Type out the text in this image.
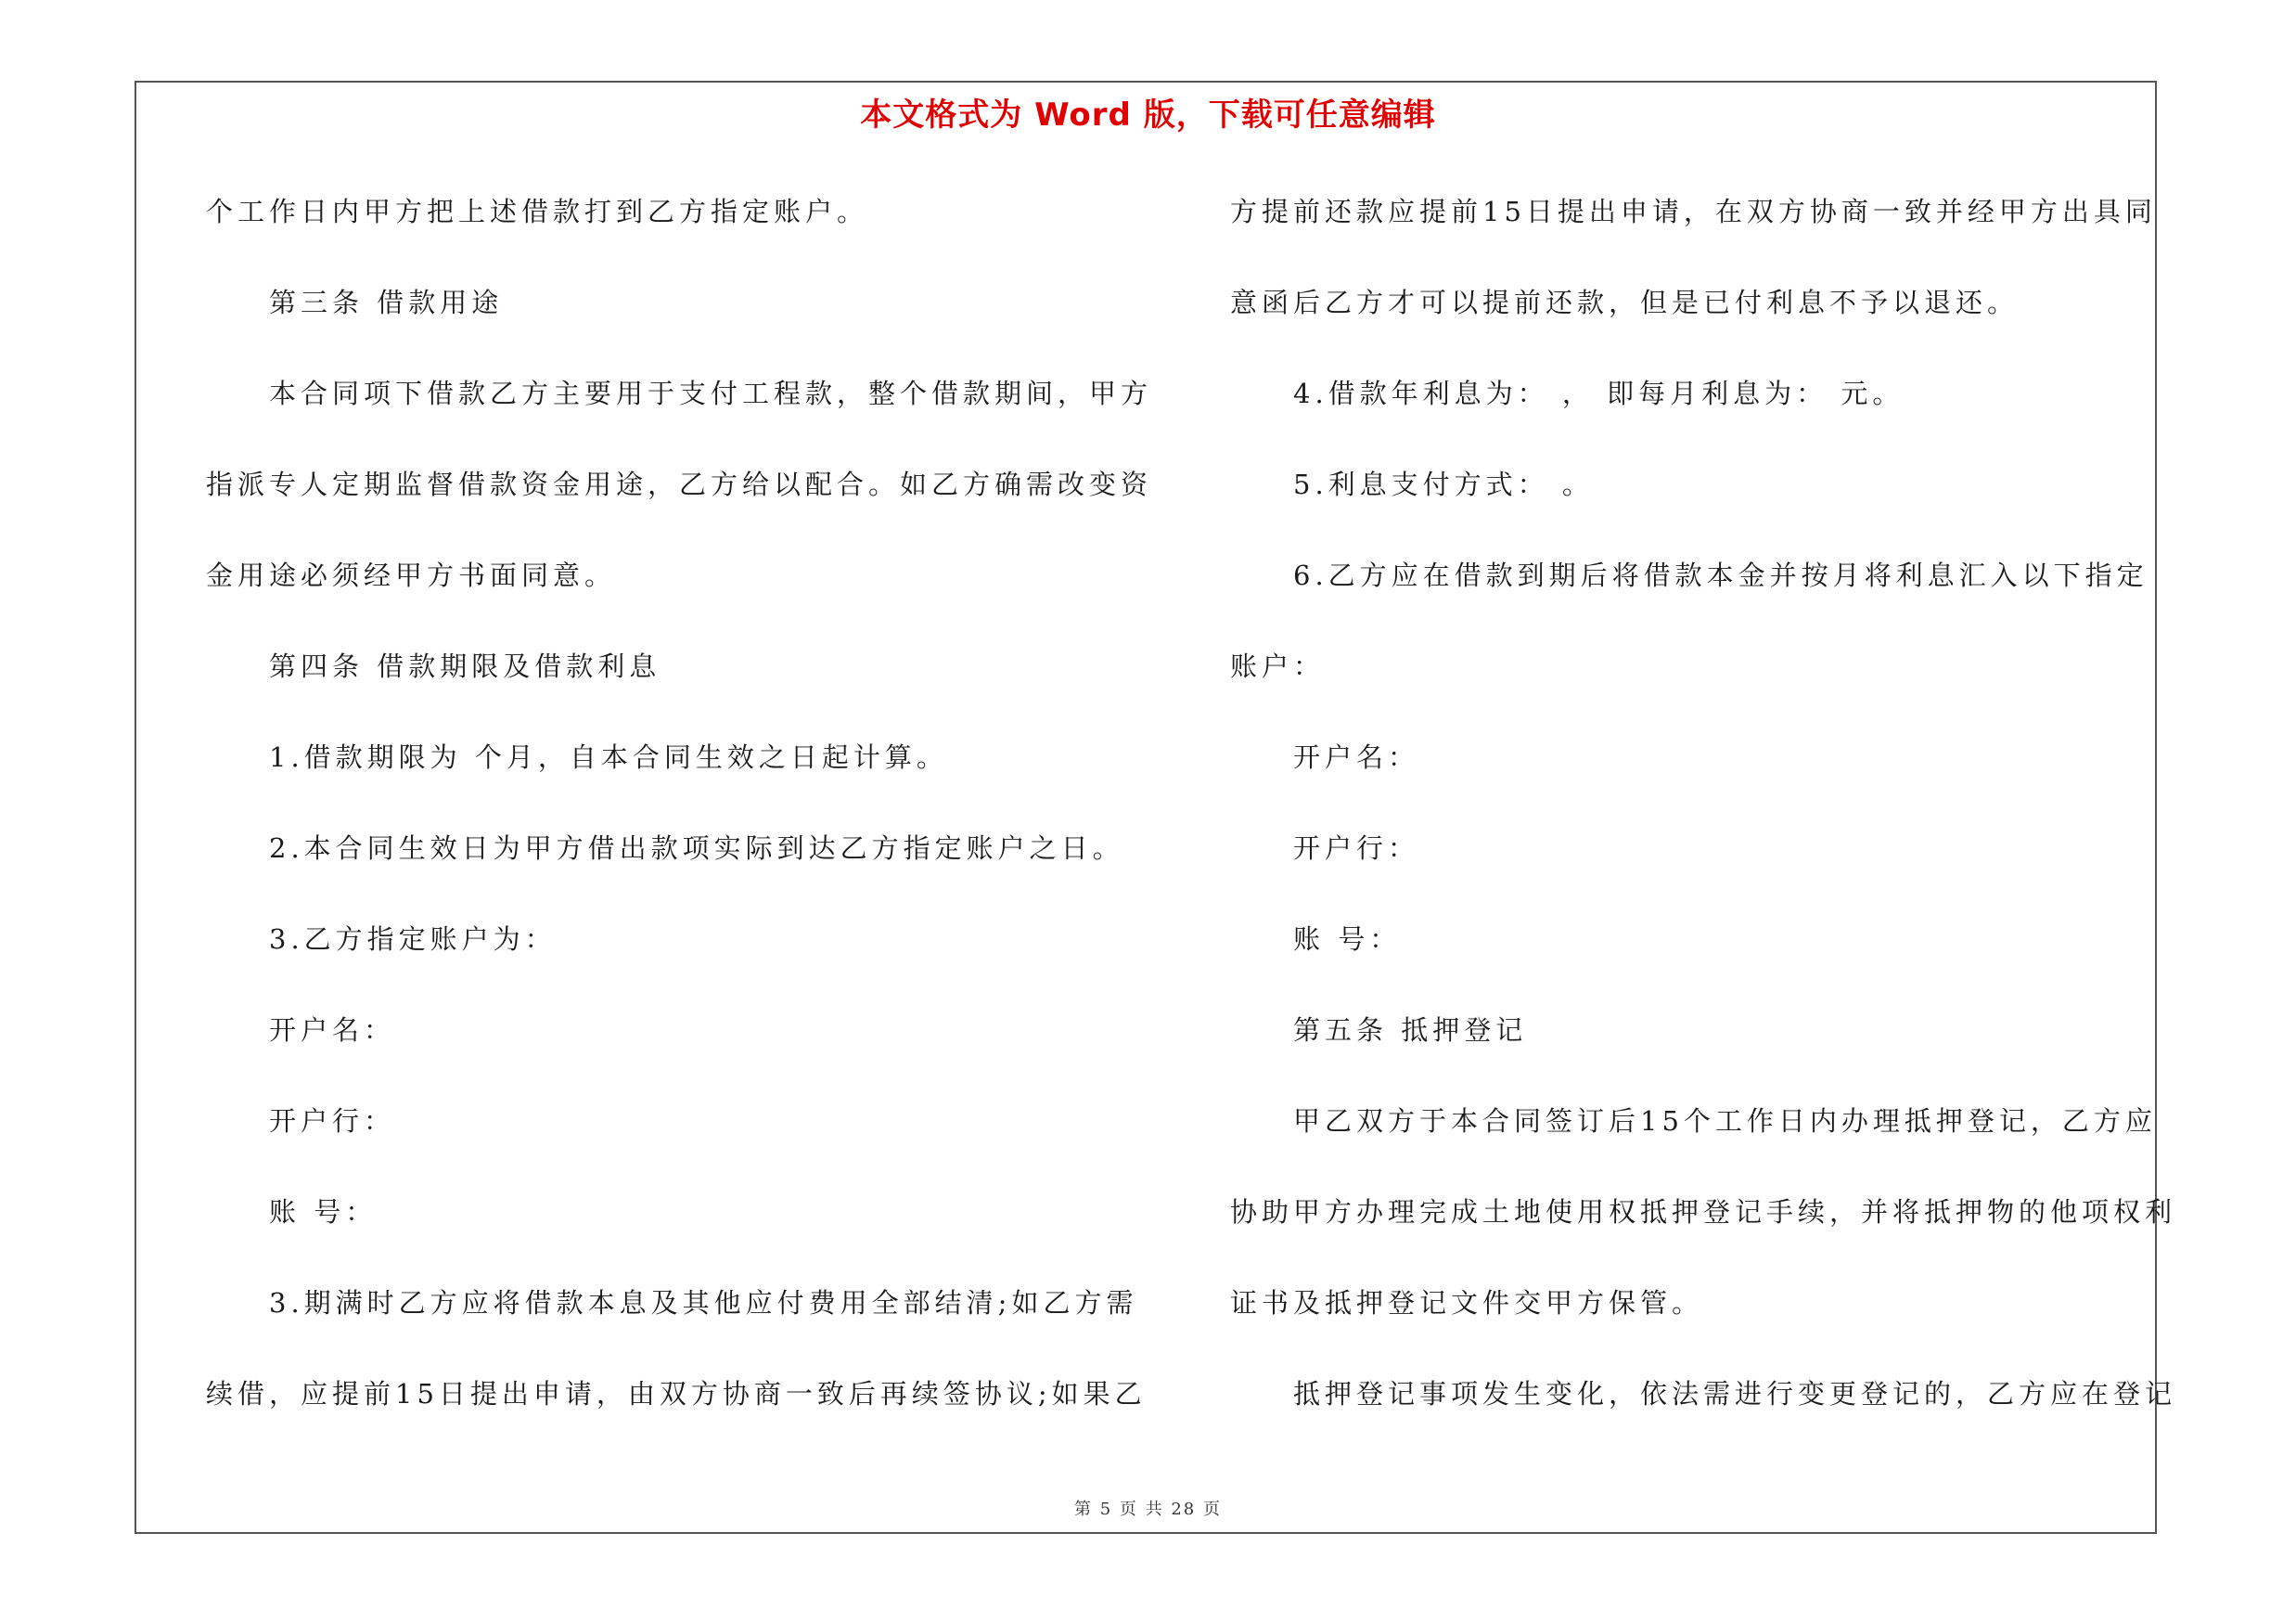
本文格式为 Word 版，下载可任意编辑
个工作日内甲方把上述借款打到乙方指定账户。
第三条 借款用途
本合同项下借款乙方主要用于支付工程款，整个借款期间，甲方
指派专人定期监督借款资金用途，乙方给以配合。如乙方确需改变资
金用途必须经甲方书面同意。
第四条 借款期限及借款利息
1.借款期限为 个月，自本合同生效之日起计算。
2.本合同生效日为甲方借出款项实际到达乙方指定账户之日。
3.乙方指定账户为：
开户名：
开户行：
账 号：
3.期满时乙方应将借款本息及其他应付费用全部结清;如乙方需
续借，应提前15日提出申请，由双方协商一致后再续签协议;如果乙
方提前还款应提前15日提出申请，在双方协商一致并经甲方出具同
意函后乙方才可以提前还款，但是已付利息不予以退还。
4.借款年利息为： ， 即每月利息为： 元。
5.利息支付方式： 。
6.乙方应在借款到期后将借款本金并按月将利息汇入以下指定
账户：
开户名：
开户行：
账 号：
第五条 抵押登记
甲乙双方于本合同签订后15个工作日内办理抵押登记，乙方应
协助甲方办理完成土地使用权抵押登记手续，并将抵押物的他项权利
证书及抵押登记文件交甲方保管。
抵押登记事项发生变化，依法需进行变更登记的，乙方应在登记
第 5 页 共 28 页
